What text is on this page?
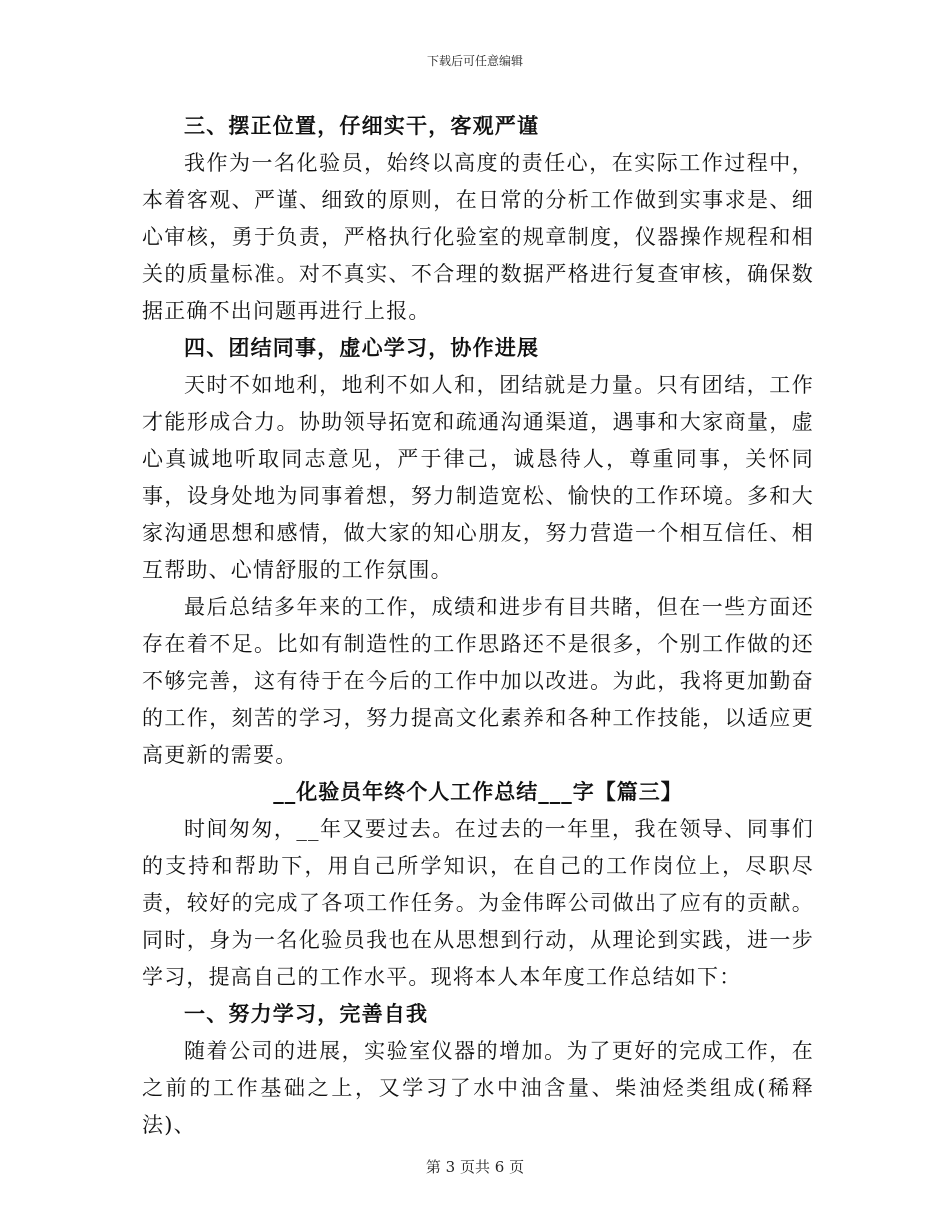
下载后可任意编辑

三、摆正位置，仔细实干，客观严谨

我作为一名化验员，始终以高度的责任心，在实际工作过程中，本着客观、严谨、细致的原则，在日常的分析工作做到实事求是、细心审核，勇于负责，严格执行化验室的规章制度，仪器操作规程和相关的质量标准。对不真实、不合理的数据严格进行复查审核，确保数据正确不出问题再进行上报。

四、团结同事，虚心学习，协作进展

天时不如地利，地利不如人和，团结就是力量。只有团结，工作才能形成合力。协助领导拓宽和疏通沟通渠道，遇事和大家商量，虚心真诚地听取同志意见，严于律己，诚恳待人，尊重同事，关怀同事，设身处地为同事着想，努力制造宽松、愉快的工作环境。多和大家沟通思想和感情，做大家的知心朋友，努力营造一个相互信任、相互帮助、心情舒服的工作氛围。

最后总结多年来的工作，成绩和进步有目共睹，但在一些方面还存在着不足。比如有制造性的工作思路还不是很多，个别工作做的还不够完善，这有待于在今后的工作中加以改进。为此，我将更加勤奋的工作，刻苦的学习，努力提高文化素养和各种工作技能，以适应更高更新的需要。

__化验员年终个人工作总结___字【篇三】

时间匆匆，__年又要过去。在过去的一年里，我在领导、同事们的支持和帮助下，用自己所学知识，在自己的工作岗位上，尽职尽责，较好的完成了各项工作任务。为金伟晖公司做出了应有的贡献。同时，身为一名化验员我也在从思想到行动，从理论到实践，进一步学习，提高自己的工作水平。现将本人本年度工作总结如下：

一、努力学习，完善自我

随着公司的进展，实验室仪器的增加。为了更好的完成工作，在之前的工作基础之上，又学习了水中油含量、柴油烃类组成(稀释法)、

第 3 页共 6 页
